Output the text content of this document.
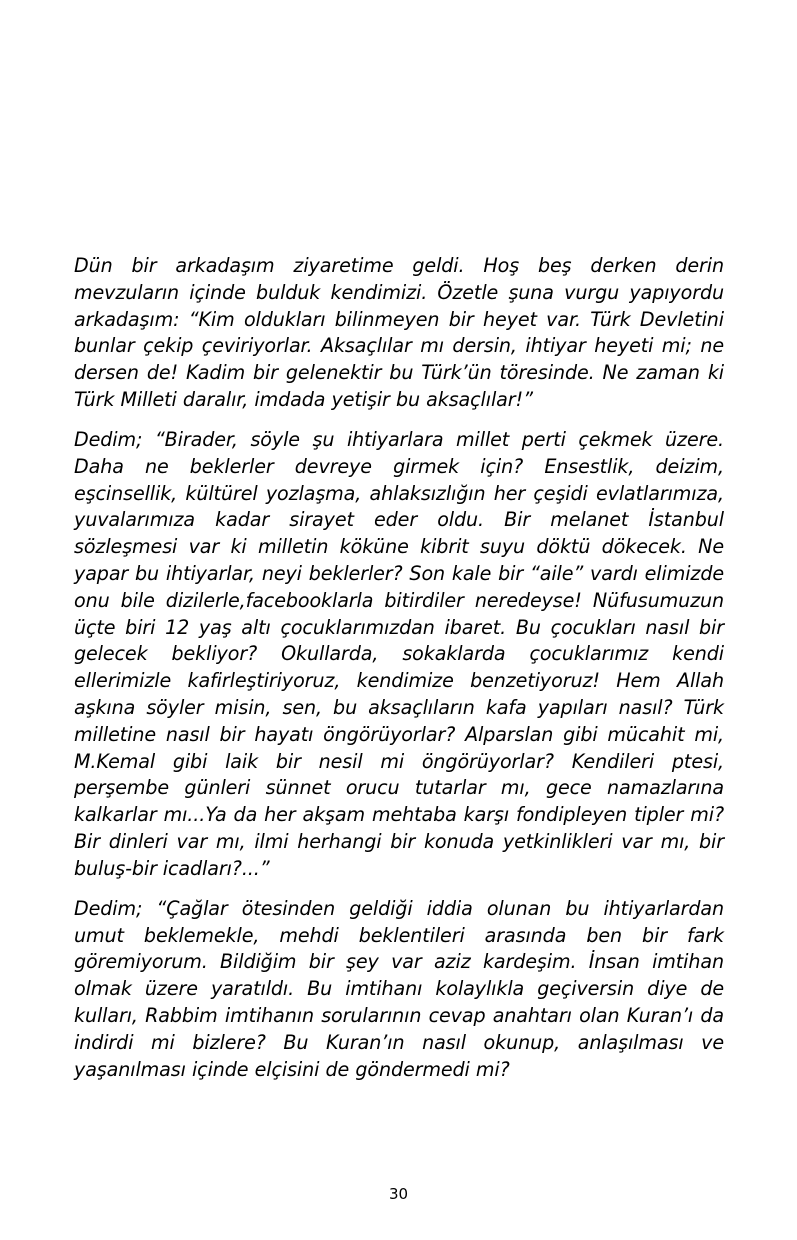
Dün bir arkadaşım ziyaretime geldi. Hoş beş derken derin mevzuların içinde bulduk kendimizi. Özetle şuna vurgu yapıyordu arkadaşım: “Kim oldukları bilinmeyen bir heyet var. Türk Devletini bunlar çekip çeviriyorlar. Aksaçlılar mı dersin, ihtiyar heyeti mi; ne dersen de! Kadim bir gelenektir bu Türk’ün töresinde. Ne zaman ki Türk Milleti daralır, imdada yetişir bu aksaçlılar!”

Dedim; “Birader, söyle şu ihtiyarlara millet perti çekmek üzere. Daha ne beklerler devreye girmek için? Ensestlik, deizim, eşcinsellik, kültürel yozlaşma, ahlaksızlığın her çeşidi evlatlarımıza, yuvalarımıza kadar sirayet eder oldu. Bir melanet İstanbul sözleşmesi var ki milletin köküne kibrit suyu döktü dökecek. Ne yapar bu ihtiyarlar, neyi beklerler? Son kale bir “aile” vardı elimizde onu bile dizilerle,facebooklarla bitirdiler neredeyse! Nüfusumuzun üçte biri 12 yaş altı çocuklarımızdan ibaret. Bu çocukları nasıl bir gelecek bekliyor? Okullarda, sokaklarda çocuklarımız kendi ellerimizle kafirleştiriyoruz, kendimize benzetiyoruz! Hem Allah aşkına söyler misin, sen, bu aksaçlıların kafa yapıları nasıl? Türk milletine nasıl bir hayatı öngörüyorlar? Alparslan gibi mücahit mi, M.Kemal gibi laik bir nesil mi öngörüyorlar? Kendileri ptesi, perşembe günleri sünnet orucu tutarlar mı, gece namazlarına kalkarlar mı...Ya da her akşam mehtaba karşı fondipleyen tipler mi? Bir dinleri var mı, ilmi herhangi bir konuda yetkinlikleri var mı, bir buluş-bir icadları?...”

Dedim; “Çağlar ötesinden geldiği iddia olunan bu ihtiyarlardan umut beklemekle, mehdi beklentileri arasında ben bir fark göremiyorum. Bildiğim bir şey var aziz kardeşim. İnsan imtihan olmak üzere yaratıldı. Bu imtihanı kolaylıkla geçiversin diye de kulları, Rabbim imtihanın sorularının cevap anahtarı olan Kuran’ı da indirdi mi bizlere? Bu Kuran’ın nasıl okunup, anlaşılması ve yaşanılması içinde elçisini de göndermedi mi?

30
